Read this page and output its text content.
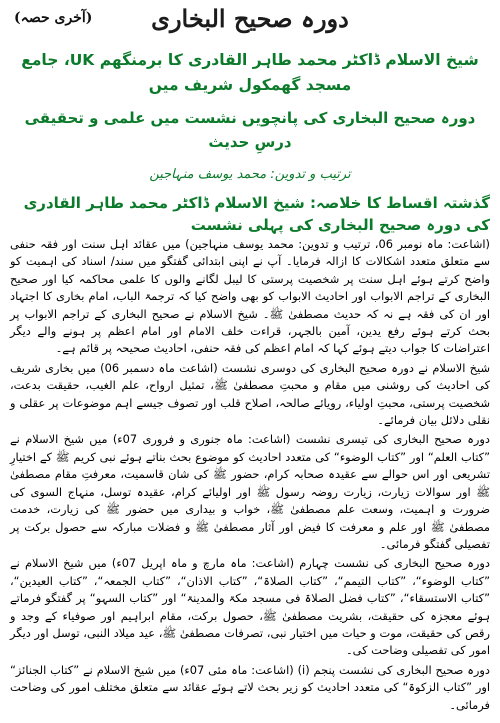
دورہ صحیح البخاری
(آخری حصہ)
شیخ الاسلام ڈاکٹر محمد طاہر القادری کا برمنگھم UK، جامع مسجد گھمکول شریف میں
دورہ صحیح البخاری کی پانچویں نشست میں علمی و تحقیقی درسِ حدیث
ترتیب و تدوین: محمد یوسف منہاجین
گذشتہ اقساط کا خلاصہ: شیخ الاسلام ڈاکٹر محمد طاہر القادری کی دورہ صحیح البخاری کی پہلی نشست

(اشاعت: ماہ نومبر 06، ترتیب و تدوین: محمد یوسف منہاجین) میں عقائد اہل سنت اور فقہ حنفی سے متعلق متعدد اشکالات کا ازالہ فرمایا۔ آپ نے اپنی ابتدائی گفتگو میں سند/ اسناد کی اہمیت کو واضح کرتے ہوئے اہل سنت پر شخصیت پرستی کا لیبل لگانے والوں کا علمی محاکمہ کیا اور صحیح البخاری کے تراجم الابواب اور احادیث الابواب کو بھی واضح کیا کہ ترجمۃ الباب، امام بخاری کا اجتہاد اور ان کی فقہ ہے نہ کہ حدیث مصطفیٰ ﷺ۔ شیخ الاسلام نے صحیح البخاری کے تراجم الابواب پر بحث کرتے ہوئے رفع یدین، آمین بالجہر، قراءت خلف الامام اور امام اعظم پر ہونے والے دیگر اعتراضات کا جواب دیتے ہوئے کہا کہ امام اعظم کی فقہ حنفی، احادیث صحیحہ پر قائم ہے۔

شیخ الاسلام نے دورہ صحیح البخاری کی دوسری نشست (اشاعت ماہ دسمبر 06) میں بخاری شریف کی احادیث کی روشنی میں مقام و محبتِ مصطفیٰ ﷺ، تمثیل ارواح، علم الغیب، حقیقت بدعت، شخصیت پرستی، محبتِ اولیاء، رویائے صالحہ، اصلاح قلب اور تصوف جیسے اہم موضوعات پر عقلی و نقلی دلائل بیان فرمائے۔

دورہ صحیح البخاری کی تیسری نشست (اشاعت: ماہ جنوری و فروری 07ء) میں شیخ الاسلام نے ”کتاب العلم“ اور ”کتاب الوضوء“ کی متعدد احادیث کو موضوع بحث بناتے ہوئے نبی کریم ﷺ کے اختیارِ تشریعی اور اس حوالے سے عقیدہ صحابہ کرام، حضور ﷺ کی شان قاسمیت، معرفتِ مقام مصطفیٰ ﷺ اور سوالات زیارت، زیارت روضہ رسول ﷺ اور اولیائے کرام، عقیدہ توسل، منہاج السوی کی ضرورت و اہمیت، وسعت علم مصطفیٰ ﷺ، خواب و بیداری میں حضور ﷺ کی زیارت، خدمت مصطفیٰ ﷺ اور علم و معرفت کا فیض اور آثار مصطفیٰ ﷺ و فضلات مبارکہ سے حصول برکت پر تفصیلی گفتگو فرمائی۔

دورہ صحیح البخاری کی نشست چہارم (اشاعت: ماہ مارچ و ماہ اپریل 07ء) میں شیخ الاسلام نے ”کتاب الوضوء“، ”کتاب التیمم“، ”کتاب الصلاۃ“، ”کتاب الاذان“، ”کتاب الجمعہ“، ”کتاب العیدین“، ”کتاب الاستسقاء“، ”کتاب فضل الصلاۃ فی مسجد مکۃ والمدینۃ“ اور ”کتاب السہو“ پر گفتگو فرماتے ہوئے معجزہ کی حقیقت، بشریت مصطفیٰ ﷺ، حصول برکت، مقام ابراہیم اور صوفیاء کے وجد و رقص کی حقیقت، موت و حیات میں اختیار نبی، تصرفات مصطفیٰ ﷺ، عید میلاد النبی، توسل اور دیگر امور کی تفصیلی وضاحت کی۔

دورہ صحیح البخاری کی نشست پنجم (i) (اشاعت: ماہ مئی 07ء) میں شیخ الاسلام نے ”کتاب الجنائز“ اور ”کتاب الزکوۃ“ کی متعدد احادیث کو زیر بحث لاتے ہوئے عقائد سے متعلق مختلف امور کی وضاحت فرمائی۔
